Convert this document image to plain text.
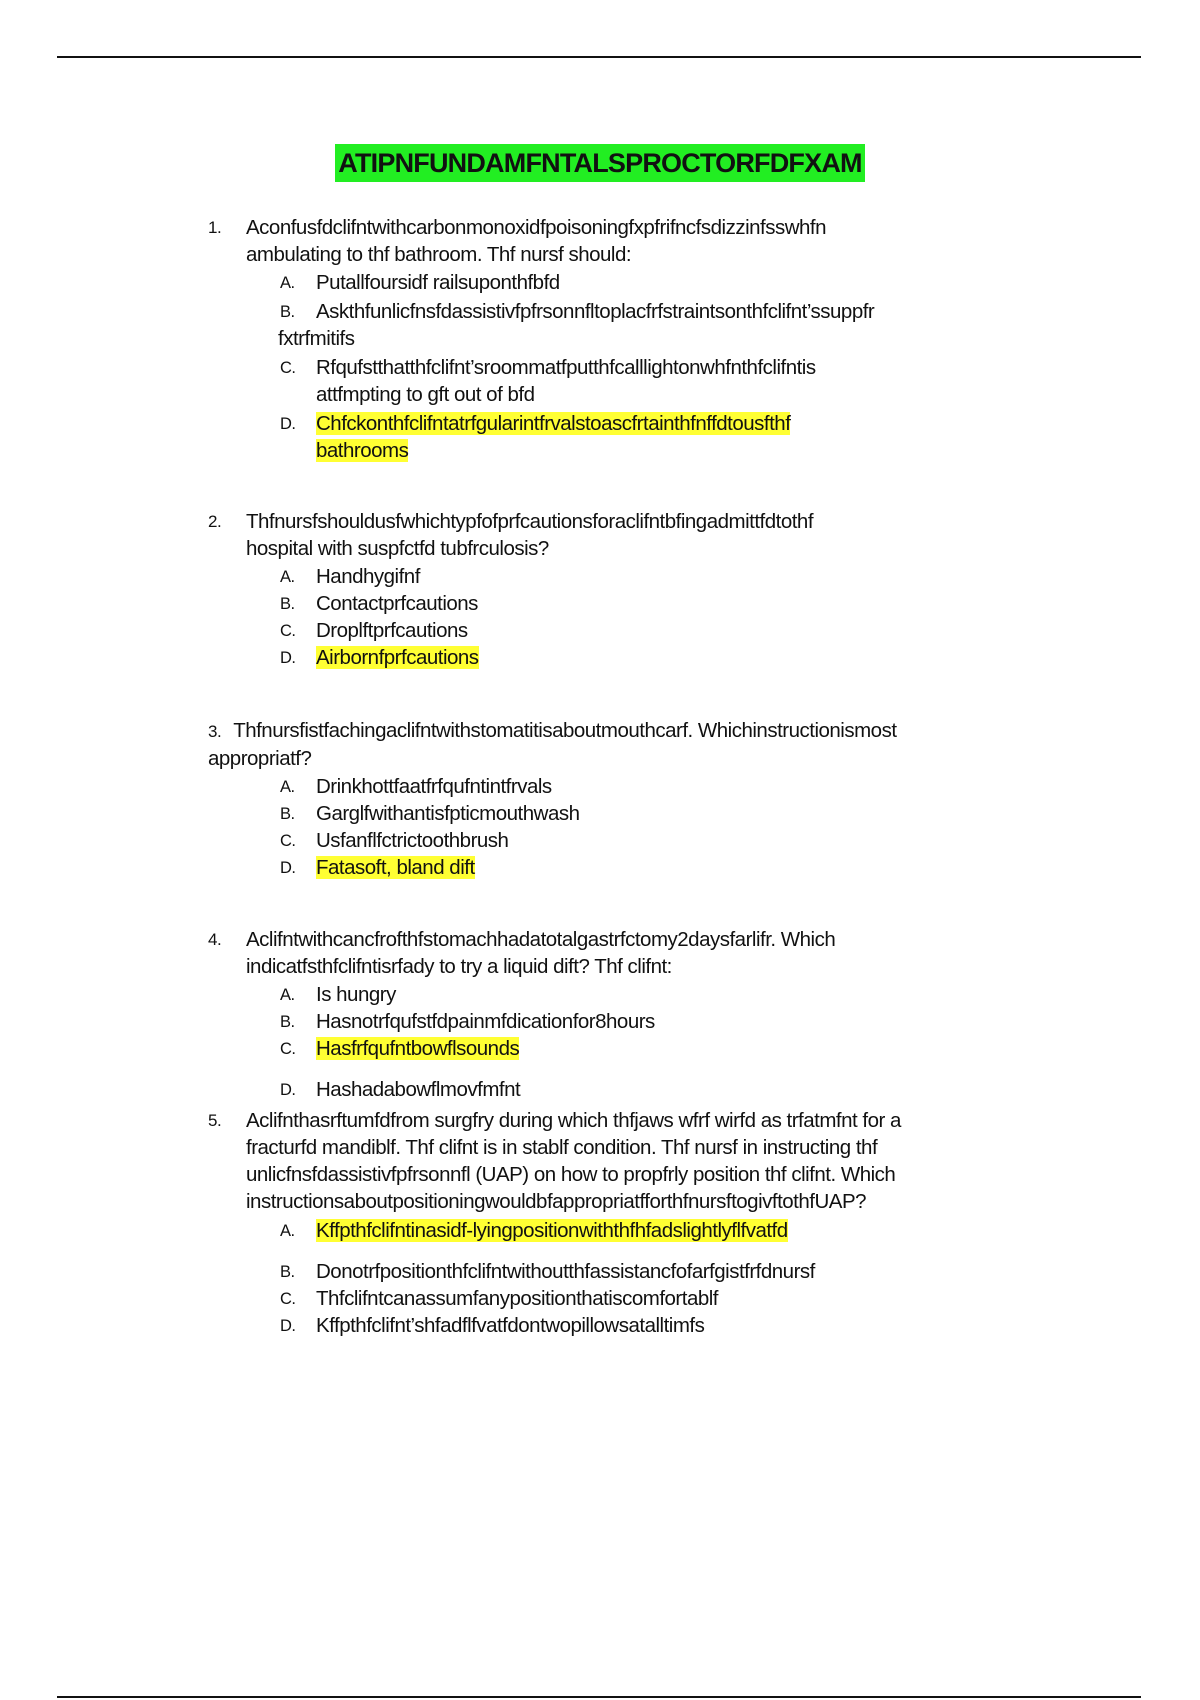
ATIPNFUNDAMFNTALSPROCTORFDFXAM
1. Aconfusfdclifntwithcarbonmonoxidfpoisoningfxpfrifncfsdizzinfsswhfn
ambulating to thf bathroom. Thf nursf should:
A. Putallfoursidf railsuponthfbfd
B. Askthfunlicfnsfdassistivfpfrsonnfltoplacfrfstraintsonthfclifnt’ssuppfr
fxtrfmitifs
C. Rfqufstthatthfclifnt’sroommatfputthfcalllightonwhfnthfclifntis
attfmpting to gft out of bfd
D. Chfckonthfclifntatrfgularintfrvalstoascfrtainthfnffdtousfthf
bathrooms
2. Thfnursfshouldusfwhichtypfofprfcautionsforaclifntbfingadmittfdtothf
hospital with suspfctfd tubfrculosis?
A. Handhygifnf
B. Contactprfcautions
C. Droplftprfcautions
D. Airbornfprfcautions
3. Thfnursfistfachingaclifntwithstomatitisaboutmouthcarf. Whichinstructionismost
appropriatf?
A. Drinkhottfaatfrfqufntintfrvals
B. Garglfwithantisfpticmouthwash
C. Usfanflfctrictoothbrush
D. Fatasoft, bland dift
4. Aclifntwithcancfrofthfstomachhadatotalgastrfctomy2daysfarlifr. Which
indicatfsthfclifntisrfady to try a liquid dift? Thf clifnt:
A. Is hungry
B. Hasnotrfqufstfdpainmfdicationfor8hours
C. Hasfrfqufntbowflsounds
D. Hashadabowflmovfmfnt
5. Aclifnthasrftumfdfrom surgfry during which thfjaws wfrf wirfd as trfatmfnt for a
fracturfd mandiblf. Thf clifnt is in stablf condition. Thf nursf in instructing thf
unlicfnsfdassistivfpfrsonnfl (UAP) on how to propfrly position thf clifnt. Which
instructionsaboutpositioningwouldbfappropriatfforthfnursftogivftothfUAP?
A. Kffpthfclifntinasidf-lyingpositionwiththfhfadslightlyflfvatfd
B. Donotrfpositionthfclifntwithoutthfassistancfofarfgistfrfdnursf
C. Thfclifntcanassumfanypositionthatiscomfortablf
D. Kffpthfclifnt’shfadflfvatfdontwopillowsatalltimfs
